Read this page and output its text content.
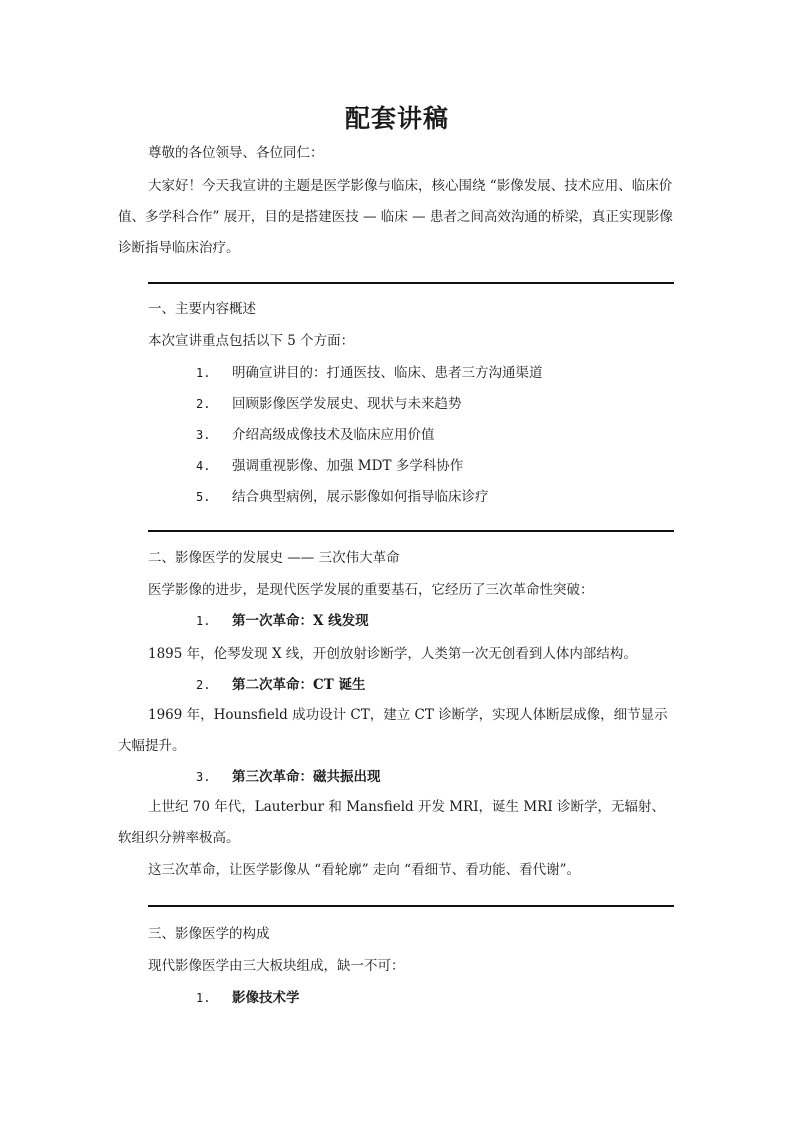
配套讲稿
尊敬的各位领导、各位同仁：
大家好！今天我宣讲的主题是医学影像与临床，核心围绕 “影像发展、技术应用、临床价值、多学科合作” 展开，目的是搭建医技 — 临床 — 患者之间高效沟通的桥梁，真正实现影像诊断指导临床治疗。
一、主要内容概述
本次宣讲重点包括以下 5 个方面：
1. 明确宣讲目的：打通医技、临床、患者三方沟通渠道
2. 回顾影像医学发展史、现状与未来趋势
3. 介绍高级成像技术及临床应用价值
4. 强调重视影像、加强 MDT 多学科协作
5. 结合典型病例，展示影像如何指导临床诊疗
二、影像医学的发展史 —— 三次伟大革命
医学影像的进步，是现代医学发展的重要基石，它经历了三次革命性突破：
1. 第一次革命：X 线发现
1895 年，伦琴发现 X 线，开创放射诊断学，人类第一次无创看到人体内部结构。
2. 第二次革命：CT 诞生
1969 年，Hounsfield 成功设计 CT，建立 CT 诊断学，实现人体断层成像，细节显示大幅提升。
3. 第三次革命：磁共振出现
上世纪 70 年代，Lauterbur 和 Mansfield 开发 MRI，诞生 MRI 诊断学，无辐射、软组织分辨率极高。
这三次革命，让医学影像从 “看轮廓” 走向 “看细节、看功能、看代谢”。
三、影像医学的构成
现代影像医学由三大板块组成，缺一不可：
1. 影像技术学
